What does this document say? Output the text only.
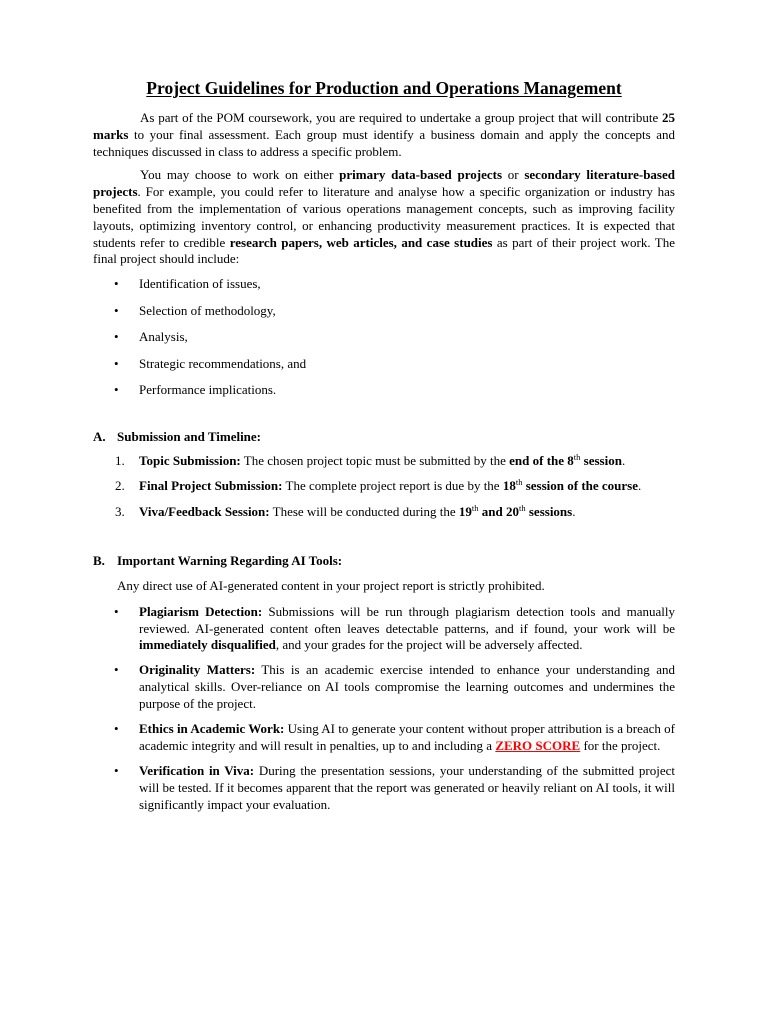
Project Guidelines for Production and Operations Management

As part of the POM coursework, you are required to undertake a group project that will contribute 25 marks to your final assessment. Each group must identify a business domain and apply the concepts and techniques discussed in class to address a specific problem.

You may choose to work on either primary data-based projects or secondary literature-based projects. For example, you could refer to literature and analyse how a specific organization or industry has benefited from the implementation of various operations management concepts, such as improving facility layouts, optimizing inventory control, or enhancing productivity measurement practices. It is expected that students refer to credible research papers, web articles, and case studies as part of their project work. The final project should include:

• Identification of issues,
• Selection of methodology,
• Analysis,
• Strategic recommendations, and
• Performance implications.
A. Submission and Timeline:
1. Topic Submission: The chosen project topic must be submitted by the end of the 8th session.
2. Final Project Submission: The complete project report is due by the 18th session of the course.
3. Viva/Feedback Session: These will be conducted during the 19th and 20th sessions.
B. Important Warning Regarding AI Tools:

Any direct use of AI-generated content in your project report is strictly prohibited.

• Plagiarism Detection: Submissions will be run through plagiarism detection tools and manually reviewed. AI-generated content often leaves detectable patterns, and if found, your work will be immediately disqualified, and your grades for the project will be adversely affected.
• Originality Matters: This is an academic exercise intended to enhance your understanding and analytical skills. Over-reliance on AI tools compromise the learning outcomes and undermines the purpose of the project.
• Ethics in Academic Work: Using AI to generate your content without proper attribution is a breach of academic integrity and will result in penalties, up to and including a ZERO SCORE for the project.
• Verification in Viva: During the presentation sessions, your understanding of the submitted project will be tested. If it becomes apparent that the report was generated or heavily reliant on AI tools, it will significantly impact your evaluation.
